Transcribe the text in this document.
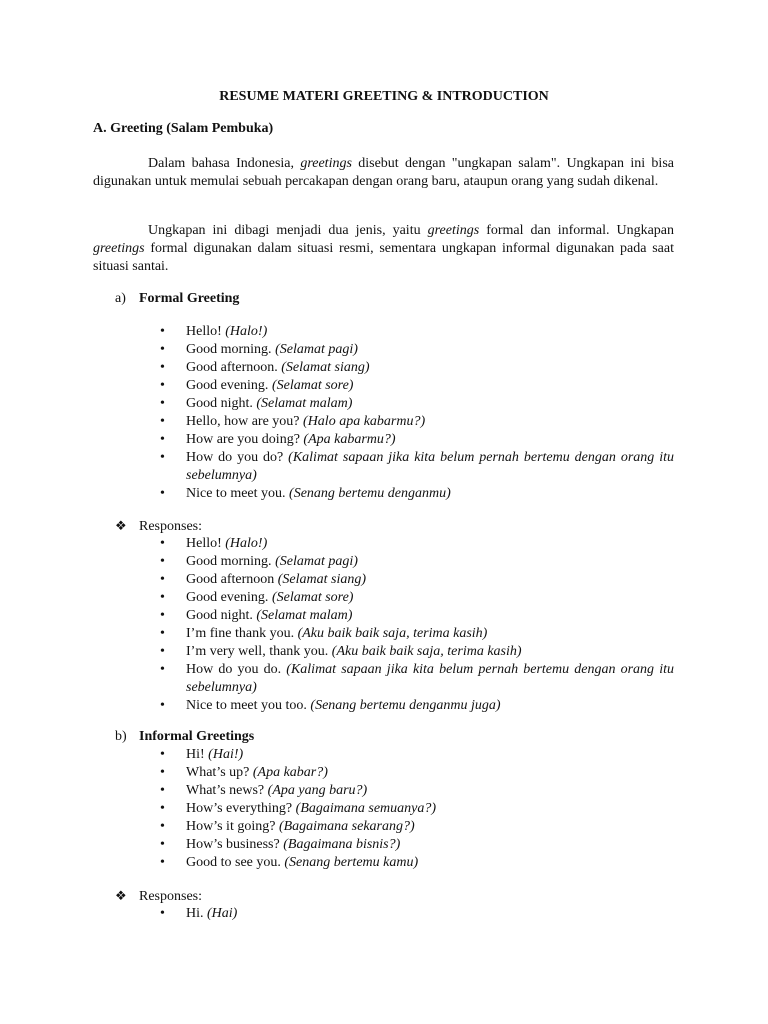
RESUME MATERI GREETING & INTRODUCTION
A. Greeting (Salam Pembuka)
Dalam bahasa Indonesia, greetings disebut dengan "ungkapan salam". Ungkapan ini bisa digunakan untuk memulai sebuah percakapan dengan orang baru, ataupun orang yang sudah dikenal.
Ungkapan ini dibagi menjadi dua jenis, yaitu greetings formal dan informal. Ungkapan greetings formal digunakan dalam situasi resmi, sementara ungkapan informal digunakan pada saat situasi santai.
a) Formal Greeting
•	Hello! (Halo!)
•	Good morning. (Selamat pagi)
•	Good afternoon. (Selamat siang)
•	Good evening. (Selamat sore)
•	Good night. (Selamat malam)
•	Hello, how are you? (Halo apa kabarmu?)
•	How are you doing? (Apa kabarmu?)
•	How do you do? (Kalimat sapaan jika kita belum pernah bertemu dengan orang itu sebelumnya)
•	Nice to meet you. (Senang bertemu denganmu)
❖ Responses:
•	Hello! (Halo!)
•	Good morning. (Selamat pagi)
•	Good afternoon (Selamat siang)
•	Good evening. (Selamat sore)
•	Good night. (Selamat malam)
•	I’m fine thank you. (Aku baik baik saja, terima kasih)
•	I’m very well, thank you. (Aku baik baik saja, terima kasih)
•	How do you do. (Kalimat sapaan jika kita belum pernah bertemu dengan orang itu sebelumnya)
•	Nice to meet you too. (Senang bertemu denganmu juga)
b) Informal Greetings
•	Hi! (Hai!)
•	What’s up? (Apa kabar?)
•	What’s news? (Apa yang baru?)
•	How’s everything? (Bagaimana semuanya?)
•	How’s it going? (Bagaimana sekarang?)
•	How’s business? (Bagaimana bisnis?)
•	Good to see you. (Senang bertemu kamu)
❖ Responses:
•	Hi. (Hai)
